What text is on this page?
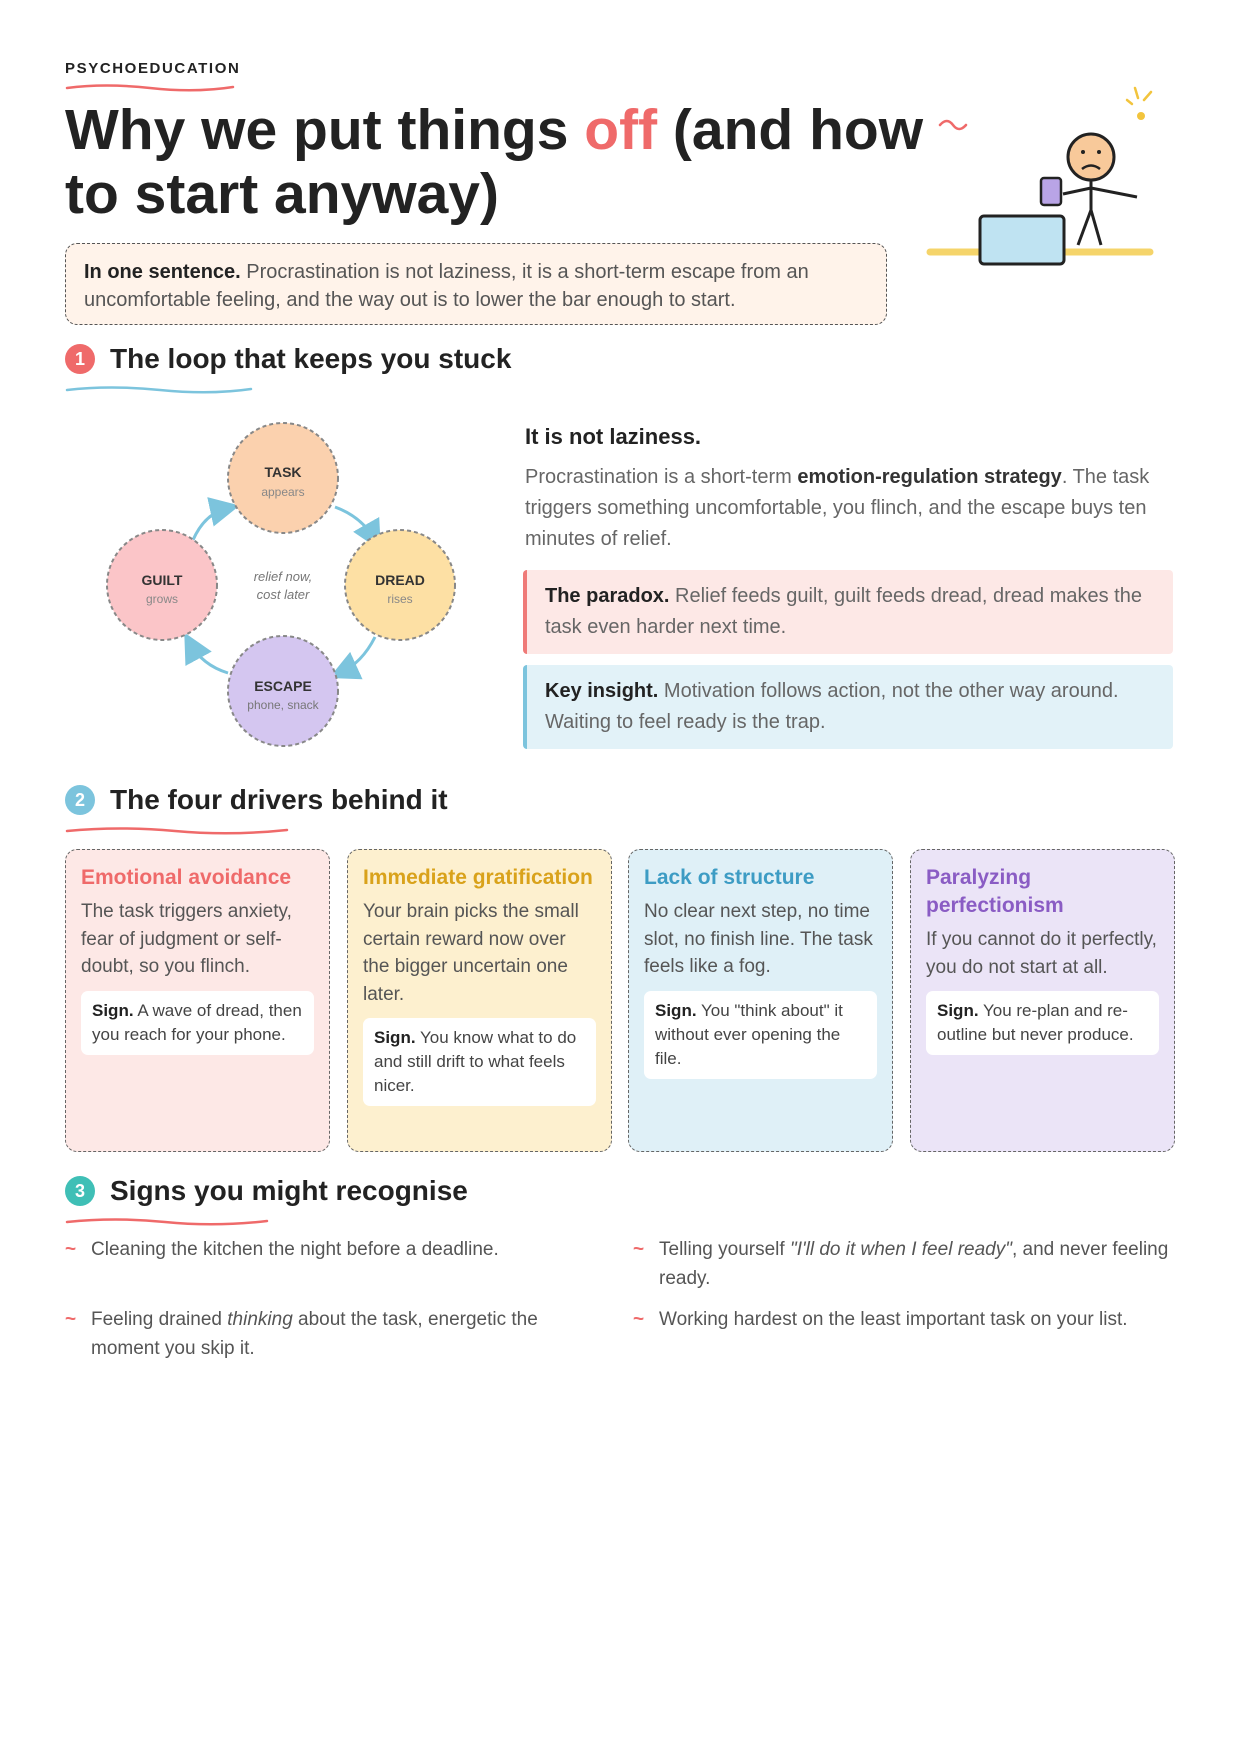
PSYCHOEDUCATION
Why we put things off (and how to start anyway)
In one sentence. Procrastination is not laziness, it is a short-term escape from an uncomfortable feeling, and the way out is to lower the bar enough to start.
1 The loop that keeps you stuck
TASK
appears
DREAD
rises
ESCAPE
phone, snack
GUILT
grows
relief now,
cost later
It is not laziness.
Procrastination is a short-term emotion-regulation strategy. The task triggers something uncomfortable, you flinch, and the escape buys ten minutes of relief.
The paradox. Relief feeds guilt, guilt feeds dread, dread makes the task even harder next time.
Key insight. Motivation follows action, not the other way around. Waiting to feel ready is the trap.
2 The four drivers behind it
Emotional avoidance
The task triggers anxiety, fear of judgment or self-doubt, so you flinch.
Sign. A wave of dread, then you reach for your phone.
Immediate gratification
Your brain picks the small certain reward now over the bigger uncertain one later.
Sign. You know what to do and still drift to what feels nicer.
Lack of structure
No clear next step, no time slot, no finish line. The task feels like a fog.
Sign. You "think about" it without ever opening the file.
Paralyzing perfectionism
If you cannot do it perfectly, you do not start at all.
Sign. You re-plan and re-outline but never produce.
3 Signs you might recognise
~ Cleaning the kitchen the night before a deadline.	~ Telling yourself "I'll do it when I feel ready", and never feeling ready.
~ Feeling drained thinking about the task, energetic the moment you skip it.
~ Working hardest on the least important task on your list.
